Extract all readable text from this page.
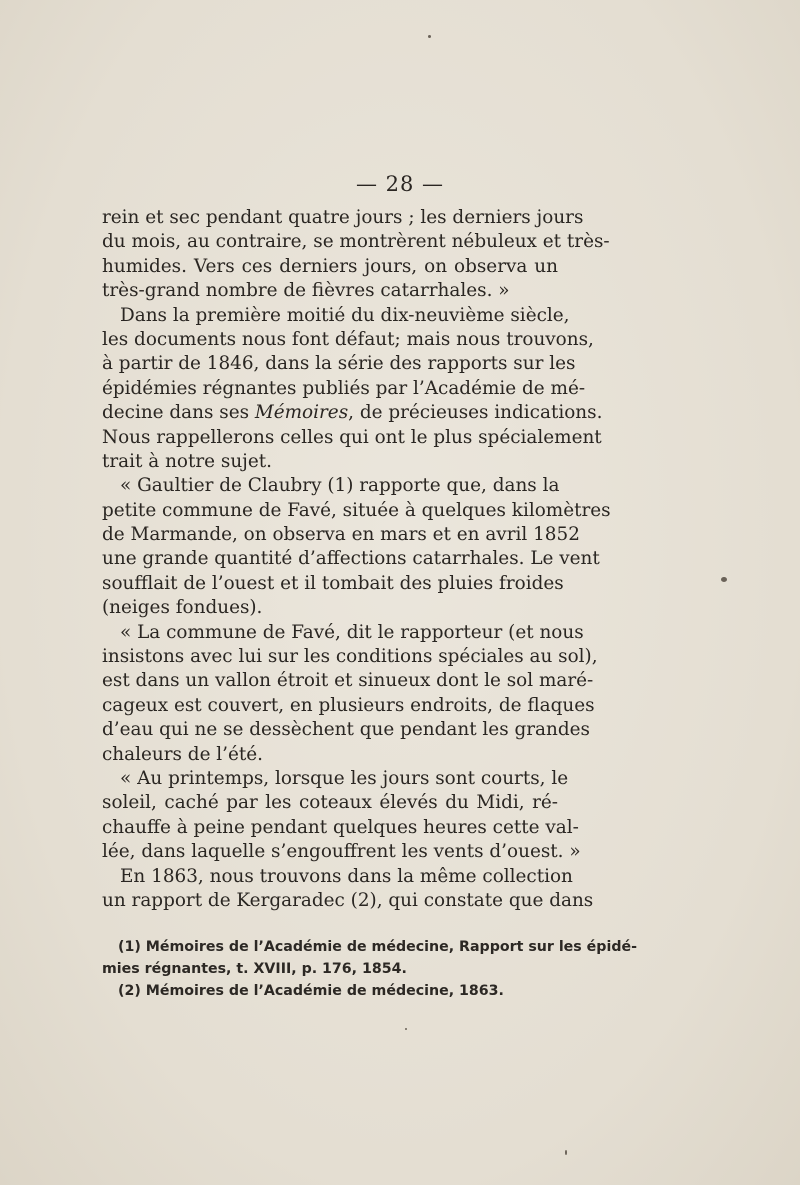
— 28 —
rein et sec pendant quatre jours ; les derniers jours
du mois, au contraire, se montrèrent nébuleux et très-
humides. Vers ces derniers jours, on observa un
très-grand nombre de fièvres catarrhales. »
Dans la première moitié du dix-neuvième siècle,
les documents nous font défaut; mais nous trouvons,
à partir de 1846, dans la série des rapports sur les
épidémies régnantes publiés par l’Académie de mé-
decine dans ses Mémoires, de précieuses indications.
Nous rappellerons celles qui ont le plus spécialement
trait à notre sujet.
« Gaultier de Claubry (1) rapporte que, dans la
petite commune de Favé, située à quelques kilomètres
de Marmande, on observa en mars et en avril 1852
une grande quantité d’affections catarrhales. Le vent
soufflait de l’ouest et il tombait des pluies froides
(neiges fondues).
« La commune de Favé, dit le rapporteur (et nous
insistons avec lui sur les conditions spéciales au sol),
est dans un vallon étroit et sinueux dont le sol maré-
cageux est couvert, en plusieurs endroits, de flaques
d’eau qui ne se dessèchent que pendant les grandes
chaleurs de l’été.
« Au printemps, lorsque les jours sont courts, le
soleil, caché par les coteaux élevés du Midi, ré-
chauffe à peine pendant quelques heures cette val-
lée, dans laquelle s’engouffrent les vents d’ouest. »
En 1863, nous trouvons dans la même collection
un rapport de Kergaradec (2), qui constate que dans
(1) Mémoires de l’Académie de médecine, Rapport sur les épidé-
mies régnantes, t. XVIII, p. 176, 1854.
(2) Mémoires de l’Académie de médecine, 1863.
